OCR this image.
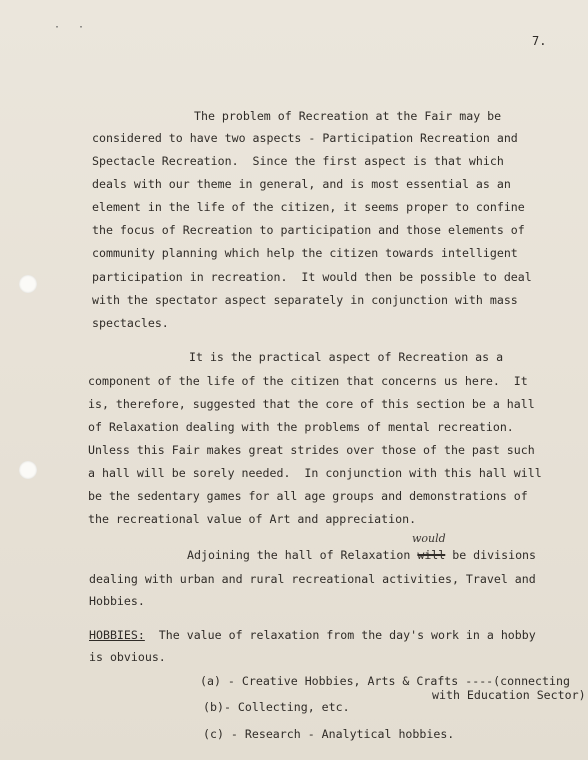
· ·
7.
The problem of Recreation at the Fair may be
considered to have two aspects - Participation Recreation and
Spectacle Recreation.  Since the first aspect is that which
deals with our theme in general, and is most essential as an
element in the life of the citizen, it seems proper to confine
the focus of Recreation to participation and those elements of
community planning which help the citizen towards intelligent
participation in recreation.  It would then be possible to deal
with the spectator aspect separately in conjunction with mass
spectacles.
It is the practical aspect of Recreation as a
component of the life of the citizen that concerns us here.  It
is, therefore, suggested that the core of this section be a hall
of Relaxation dealing with the problems of mental recreation.
Unless this Fair makes great strides over those of the past such
a hall will be sorely needed.  In conjunction with this hall will
be the sedentary games for all age groups and demonstrations of
the recreational value of Art and appreciation.
would
Adjoining the hall of Relaxation will be divisions
dealing with urban and rural recreational activities, Travel and
Hobbies.
HOBBIES:  The value of relaxation from the day's work in a hobby
is obvious.
(a) - Creative Hobbies, Arts & Crafts ----(connecting
with Education Sector)
(b)- Collecting, etc.
(c) - Research - Analytical hobbies.
